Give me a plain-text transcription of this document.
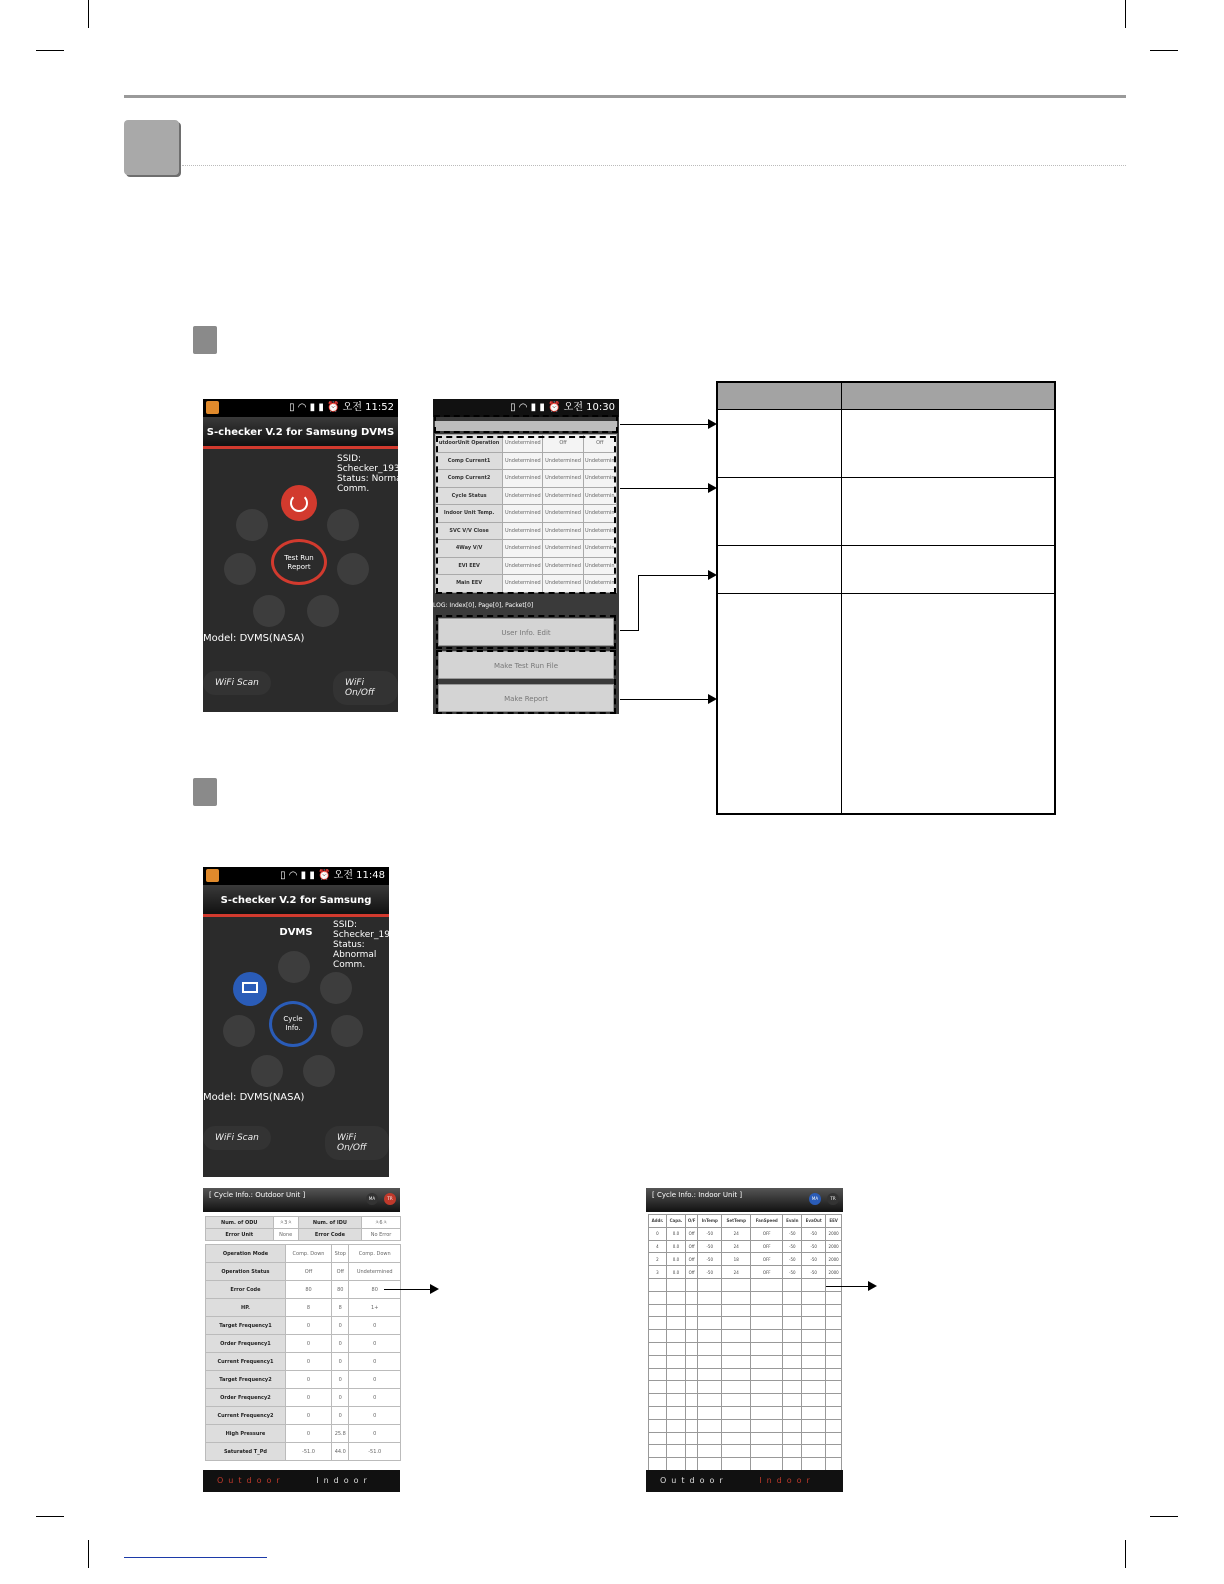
▯ ◠ ▮ ▮ ⏰ 오전 11:52
S-checker V.2 for Samsung DVMS
SSID:
Schecker_1936c5
Status: Normal
Comm.
Test Run
Report
Model: DVMS(NASA)
WiFi Scan	WiFi On/Off
▯ ◠ ▮ ▮ ⏰ 오전 10:30
utdoorUnit Operation	Undetermined	Off	Off
Comp Current1	Undetermined	Undetermined	Undetermin
Comp Current2	Undetermined	Undetermined	Undetermin
Cycle Status	Undetermined	Undetermined	Undetermin
Indoor Unit Temp.	Undetermined	Undetermined	Undetermin
SVC V/V Close	Undetermined	Undetermined	Undetermin
4Way V/V	Undetermined	Undetermined	Undetermin
EVI EEV	Undetermined	Undetermined	Undetermin
Main EEV	Undetermined	Undetermined	Undetermin
LOG: Index[0], Page[0], Packet[0]
User Info. Edit
Make Test Run File
Make Report

▯ ◠ ▮ ▮ ⏰ 오전 11:48
S-checker V.2 for Samsung DVMS
SSID:
Schecker_1936c5
Status:
Abnormal
Comm.
Cycle
Info.
Model: DVMS(NASA)
WiFi Scan	WiFi On/Off
[ Cycle Info.: Outdoor Unit ]	MA	TR
Num. of ODU	ㅊ3ㅊ	Num. of IDU	ㅊ6ㅊ
Error Unit	None	Error Code	No Error
Operation Mode	Comp. Down	Stop	Comp. Down
Operation Status	Off	Off	Undetermined
Error Code	80	80	80
HP.	8	8	1+
Target Frequency1	0	0	0
Order Frequency1	0	0	0
Current Frequency1	0	0	0
Target Frequency2	0	0	0
Order Frequency2	0	0	0
Current Frequency2	0	0	0
High Pressure	0	25.8	0
Saturated T_Pd	-51.0	44.0	-51.0
Outdoor	Indoor
[ Cycle Info.: Indoor Unit ]	MA	TR
Addr.	Capa.	O/F	InTemp	SetTemp	FanSpeed	EvaIn	EvaOut	EEV
0	0.0	Off	-50	24	OFF	-50	-50	2000
4	0.0	Off	-50	24	OFF	-50	-50	2000
2	0.0	Off	-50	18	OFF	-50	-50	2000
3	0.0	Off	-50	24	OFF	-50	-50	2000

Outdoor	Indoor
